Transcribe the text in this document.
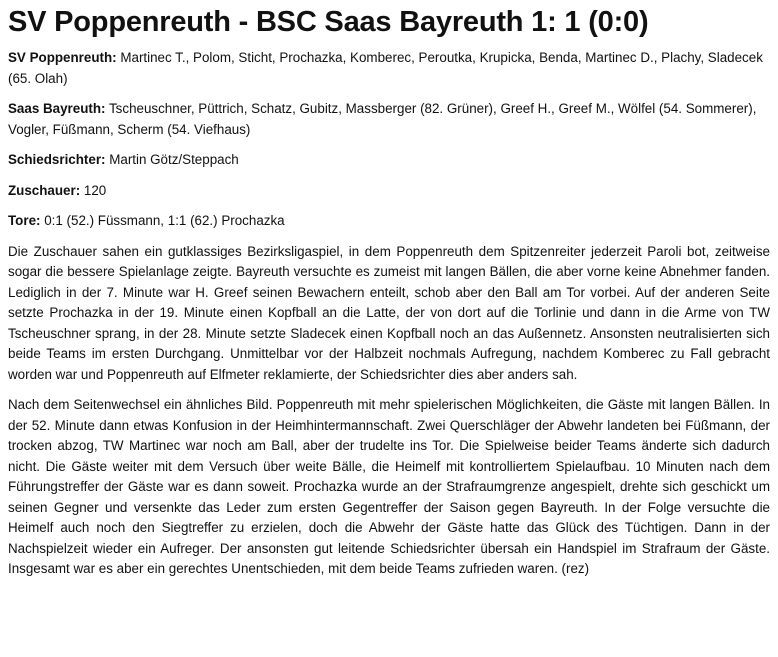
SV Poppenreuth - BSC Saas Bayreuth 1: 1 (0:0)

SV Poppenreuth: Martinec T., Polom, Sticht, Prochazka, Komberec, Peroutka, Krupicka, Benda, Martinec D., Plachy, Sladecek (65. Olah)

Saas Bayreuth: Tscheuschner, Püttrich, Schatz, Gubitz, Massberger (82. Grüner), Greef H., Greef M., Wölfel (54. Sommerer), Vogler, Füßmann, Scherm (54. Viefhaus)

Schiedsrichter: Martin Götz/Steppach

Zuschauer: 120

Tore: 0:1 (52.) Füssmann, 1:1 (62.) Prochazka

Die Zuschauer sahen ein gutklassiges Bezirksligaspiel, in dem Poppenreuth dem Spitzenreiter jederzeit Paroli bot, zeitweise sogar die bessere Spielanlage zeigte. Bayreuth versuchte es zumeist mit langen Bällen, die aber vorne keine Abnehmer fanden. Lediglich in der 7. Minute war H. Greef seinen Bewachern enteilt, schob aber den Ball am Tor vorbei. Auf der anderen Seite setzte Prochazka in der 19. Minute einen Kopfball an die Latte, der von dort auf die Torlinie und dann in die Arme von TW Tscheuschner sprang, in der 28. Minute setzte Sladecek einen Kopfball noch an das Außennetz. Ansonsten neutralisierten sich beide Teams im ersten Durchgang. Unmittelbar vor der Halbzeit nochmals Aufregung, nachdem Komberec zu Fall gebracht worden war und Poppenreuth auf Elfmeter reklamierte, der Schiedsrichter dies aber anders sah.

Nach dem Seitenwechsel ein ähnliches Bild. Poppenreuth mit mehr spielerischen Möglichkeiten, die Gäste mit langen Bällen. In der 52. Minute dann etwas Konfusion in der Heimhintermannschaft. Zwei Querschläger der Abwehr landeten bei Füßmann, der trocken abzog, TW Martinec war noch am Ball, aber der trudelte ins Tor. Die Spielweise beider Teams änderte sich dadurch nicht. Die Gäste weiter mit dem Versuch über weite Bälle, die Heimelf mit kontrolliertem Spielaufbau. 10 Minuten nach dem Führungstreffer der Gäste war es dann soweit. Prochazka wurde an der Strafraumgrenze angespielt, drehte sich geschickt um seinen Gegner und versenkte das Leder zum ersten Gegentreffer der Saison gegen Bayreuth. In der Folge versuchte die Heimelf auch noch den Siegtreffer zu erzielen, doch die Abwehr der Gäste hatte das Glück des Tüchtigen. Dann in der Nachspielzeit wieder ein Aufreger. Der ansonsten gut leitende Schiedsrichter übersah ein Handspiel im Strafraum der Gäste. Insgesamt war es aber ein gerechtes Unentschieden, mit dem beide Teams zufrieden waren. (rez)
